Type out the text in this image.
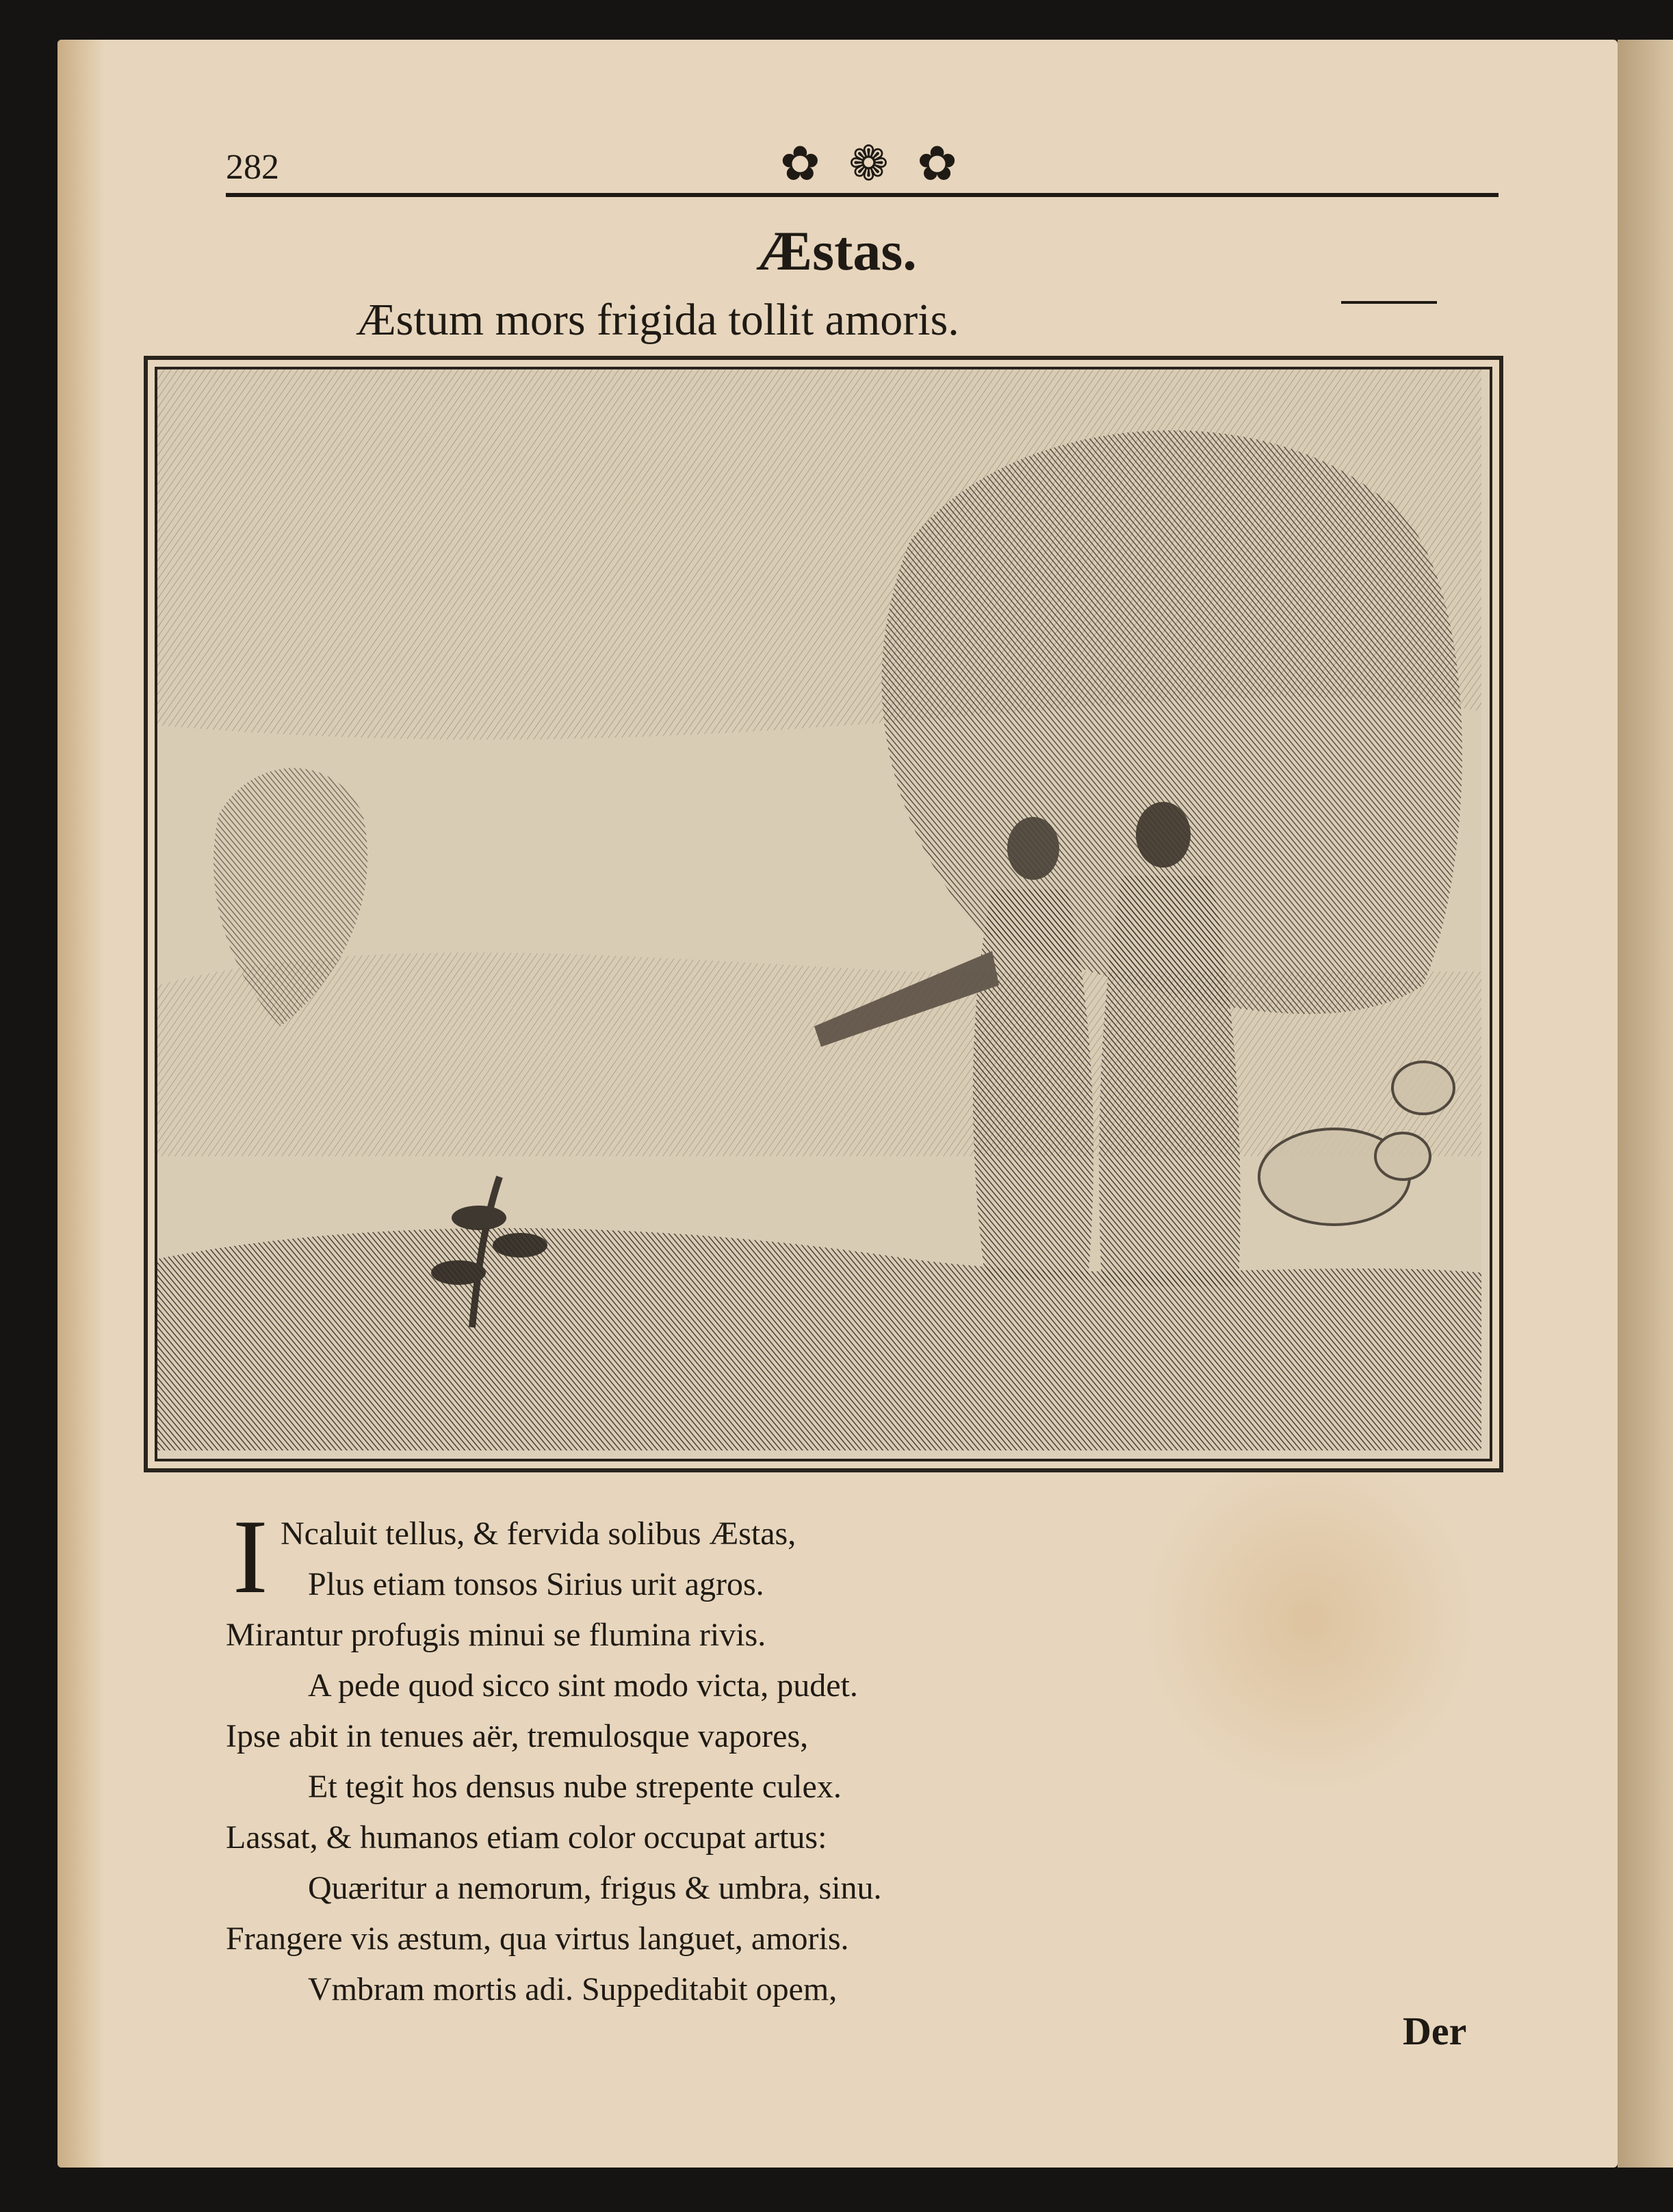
282	✿ ❁ ✿
Æstas.
Æstum mors frigida tollit amoris.
I Ncaluit tellus, & fervida solibus Æstas,
Plus etiam tonsos Sirius urit agros.
Mirantur profugis minui se flumina rivis.
A pede quod sicco sint modo victa, pudet.
Ipse abit in tenues aër, tremulosque vapores,
Et tegit hos densus nube strepente culex.
Lassat, & humanos etiam color occupat artus:
Quæritur a nemorum, frigus & umbra, sinu.
Frangere vis æstum, qua virtus languet, amoris.
Vmbram mortis adi. Suppeditabit opem,
Der
